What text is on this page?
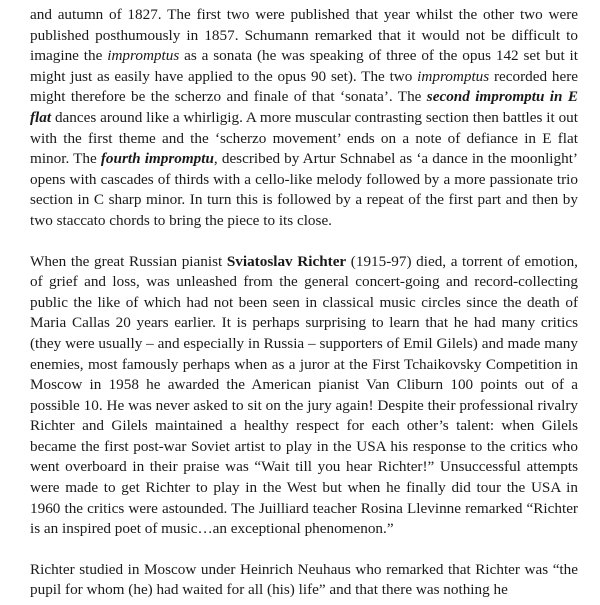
and autumn of 1827. The first two were published that year whilst the other two were published posthumously in 1857. Schumann remarked that it would not be difficult to imagine the impromptus as a sonata (he was speaking of three of the opus 142 set but it might just as easily have applied to the opus 90 set). The two impromptus recorded here might therefore be the scherzo and finale of that ‘sonata’. The second impromptu in E flat dances around like a whirligig. A more muscular contrasting section then battles it out with the first theme and the ‘scherzo movement’ ends on a note of defiance in E flat minor. The fourth impromptu, described by Artur Schnabel as ‘a dance in the moonlight’ opens with cascades of thirds with a cello-like melody followed by a more passionate trio section in C sharp minor. In turn this is followed by a repeat of the first part and then by two staccato chords to bring the piece to its close.

When the great Russian pianist Sviatoslav Richter (1915-97) died, a torrent of emotion, of grief and loss, was unleashed from the general concert-going and record-collecting public the like of which had not been seen in classical music circles since the death of Maria Callas 20 years earlier. It is perhaps surprising to learn that he had many critics (they were usually – and especially in Russia – supporters of Emil Gilels) and made many enemies, most famously perhaps when as a juror at the First Tchaikovsky Competition in Moscow in 1958 he awarded the American pianist Van Cliburn 100 points out of a possible 10. He was never asked to sit on the jury again! Despite their professional rivalry Richter and Gilels maintained a healthy respect for each other’s talent: when Gilels became the first post-war Soviet artist to play in the USA his response to the critics who went overboard in their praise was “Wait till you hear Richter!” Unsuccessful attempts were made to get Richter to play in the West but when he finally did tour the USA in 1960 the critics were astounded. The Juilliard teacher Rosina Llevinne remarked “Richter is an inspired poet of music…an exceptional phenomenon.”

Richter studied in Moscow under Heinrich Neuhaus who remarked that Richter was “the pupil for whom (he) had waited for all (his) life” and that there was nothing he
